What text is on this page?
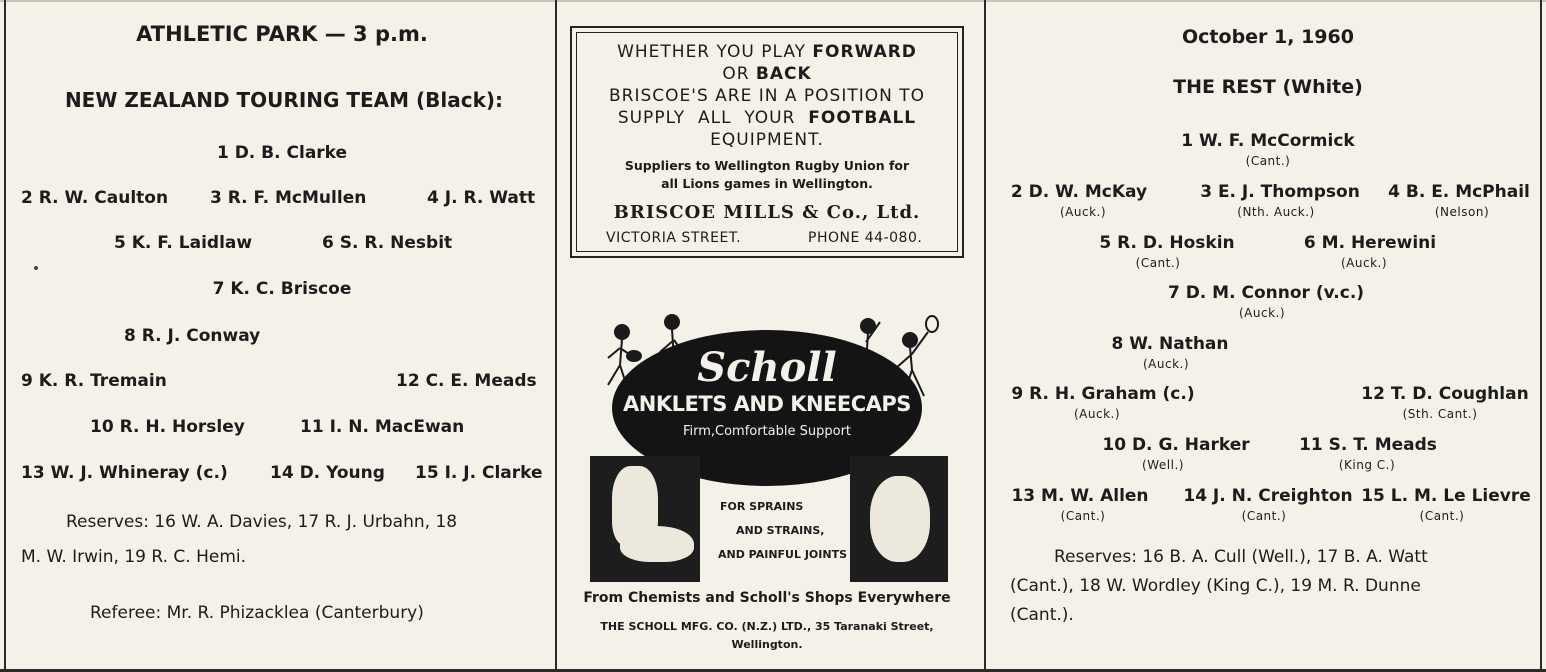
ATHLETIC PARK — 3 p.m.
NEW ZEALAND TOURING TEAM (Black):
1 D. B. Clarke
2 R. W. Caulton 3 R. F. McMullen	4 J. R. Watt
5 K. F. Laidlaw	6 S. R. Nesbit
7 K. C. Briscoe
8 R. J. Conway
9 K. R. Tremain	12 C. E. Meads
10 R. H. Horsley	11 I. N. MacEwan
13 W. J. Whineray (c.) 14 D. Young 15 I. J. Clarke
Reserves: 16 W. A. Davies, 17 R. J. Urbahn, 18
M. W. Irwin, 19 R. C. Hemi.
Referee: Mr. R. Phizacklea (Canterbury)
WHETHER YOU PLAY FORWARD
OR BACK
BRISCOE'S ARE IN A POSITION TO
SUPPLY  ALL  YOUR  FOOTBALL
EQUIPMENT.
Suppliers to Wellington Rugby Union for
all Lions games in Wellington.
BRISCOE MILLS & Co., Ltd.
VICTORIA STREET.	PHONE 44-080.
Scholl
ANKLETS AND KNEECAPS
Firm,Comfortable Support
FOR SPRAINS
AND STRAINS,
AND PAINFUL JOINTS
From Chemists and Scholl's Shops Everywhere
THE SCHOLL MFG. CO. (N.Z.) LTD., 35 Taranaki Street,
Wellington.
October 1, 1960
THE REST (White)
1 W. F. McCormick
(Cant.)
2 D. W. McKay
(Auck.)
3 E. J. Thompson
(Nth. Auck.)
4 B. E. McPhail
(Nelson)
5 R. D. Hoskin
(Cant.)
6 M. Herewini
(Auck.)
7 D. M. Connor (v.c.)
(Auck.)
8 W. Nathan
(Auck.)
9 R. H. Graham (c.)
(Auck.)
12 T. D. Coughlan
(Sth. Cant.)
10 D. G. Harker
(Well.)
11 S. T. Meads
(King C.)
13 M. W. Allen
(Cant.)
14 J. N. Creighton
(Cant.)
15 L. M. Le Lievre
(Cant.)
Reserves: 16 B. A. Cull (Well.), 17 B. A. Watt
(Cant.), 18 W. Wordley (King C.), 19 M. R. Dunne
(Cant.).
